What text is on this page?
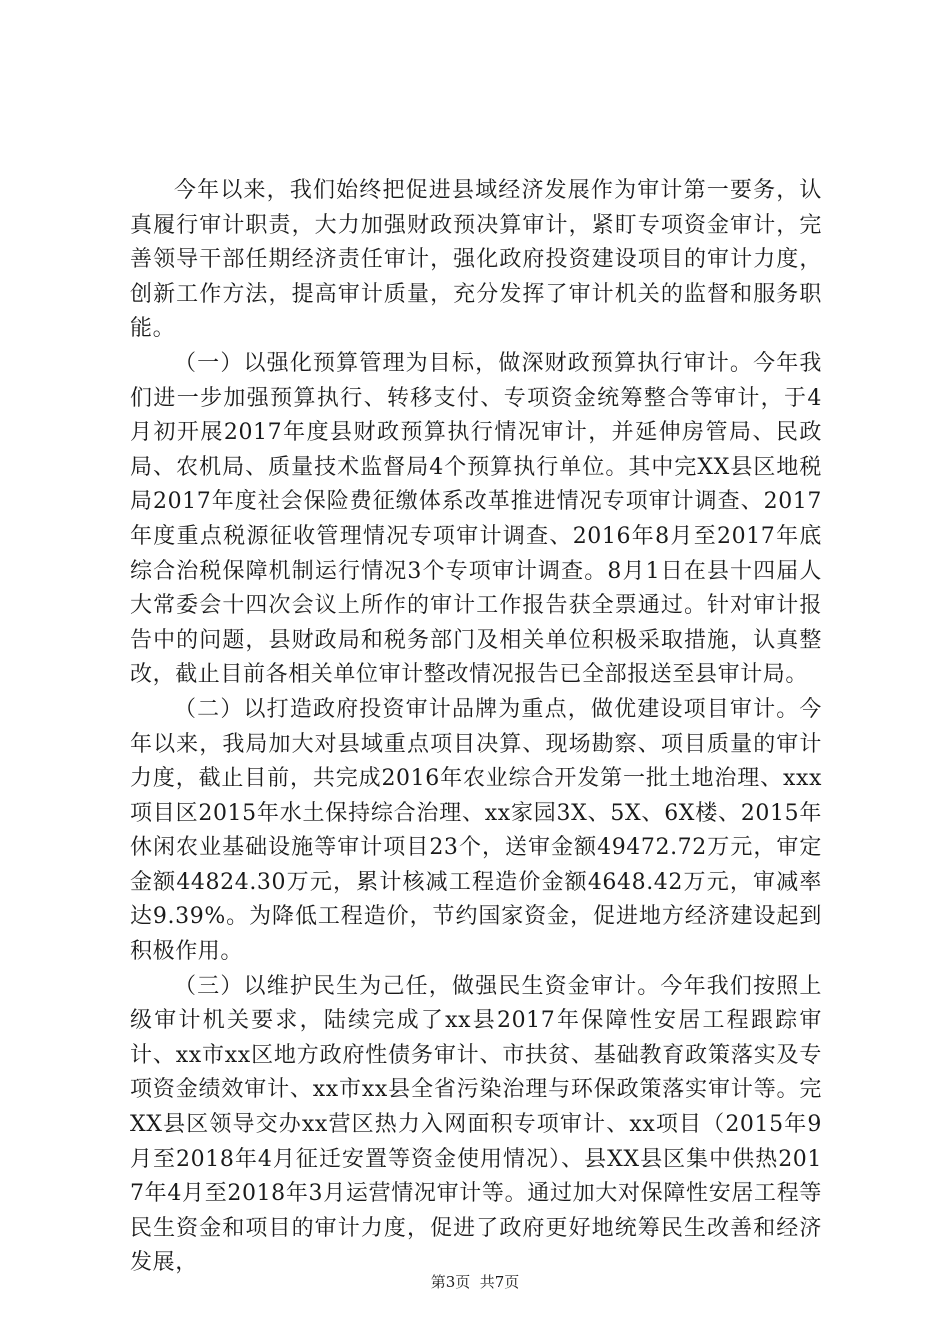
今年以来，我们始终把促进县域经济发展作为审计第一要务，认真履行审计职责，大力加强财政预决算审计，紧盯专项资金审计，完善领导干部任期经济责任审计，强化政府投资建设项目的审计力度，创新工作方法，提高审计质量，充分发挥了审计机关的监督和服务职能。

（一）以强化预算管理为目标，做深财政预算执行审计。今年我们进一步加强预算执行、转移支付、专项资金统筹整合等审计，于4月初开展2017年度县财政预算执行情况审计，并延伸房管局、民政局、农机局、质量技术监督局4个预算执行单位。其中完XX县区地税局2017年度社会保险费征缴体系改革推进情况专项审计调查、2017年度重点税源征收管理情况专项审计调查、2016年8月至2017年底综合治税保障机制运行情况3个专项审计调查。8月1日在县十四届人大常委会十四次会议上所作的审计工作报告获全票通过。针对审计报告中的问题，县财政局和税务部门及相关单位积极采取措施，认真整改，截止目前各相关单位审计整改情况报告已全部报送至县审计局。

（二）以打造政府投资审计品牌为重点，做优建设项目审计。今年以来，我局加大对县域重点项目决算、现场勘察、项目质量的审计力度，截止目前，共完成2016年农业综合开发第一批土地治理、xxx项目区2015年水土保持综合治理、xx家园3X、5X、6X楼、2015年休闲农业基础设施等审计项目23个，送审金额49472.72万元，审定金额44824.30万元，累计核减工程造价金额4648.42万元，审减率达9.39%。为降低工程造价，节约国家资金，促进地方经济建设起到积极作用。

（三）以维护民生为己任，做强民生资金审计。今年我们按照上级审计机关要求，陆续完成了xx县2017年保障性安居工程跟踪审计、xx市xx区地方政府性债务审计、市扶贫、基础教育政策落实及专项资金绩效审计、xx市xx县全省污染治理与环保政策落实审计等。完XX县区领导交办xx营区热力入网面积专项审计、xx项目（2015年9月至2018年4月征迁安置等资金使用情况）、县XX县区集中供热2017年4月至2018年3月运营情况审计等。通过加大对保障性安居工程等民生资金和项目的审计力度，促进了政府更好地统筹民生改善和经济发展，

第3页  共7页
